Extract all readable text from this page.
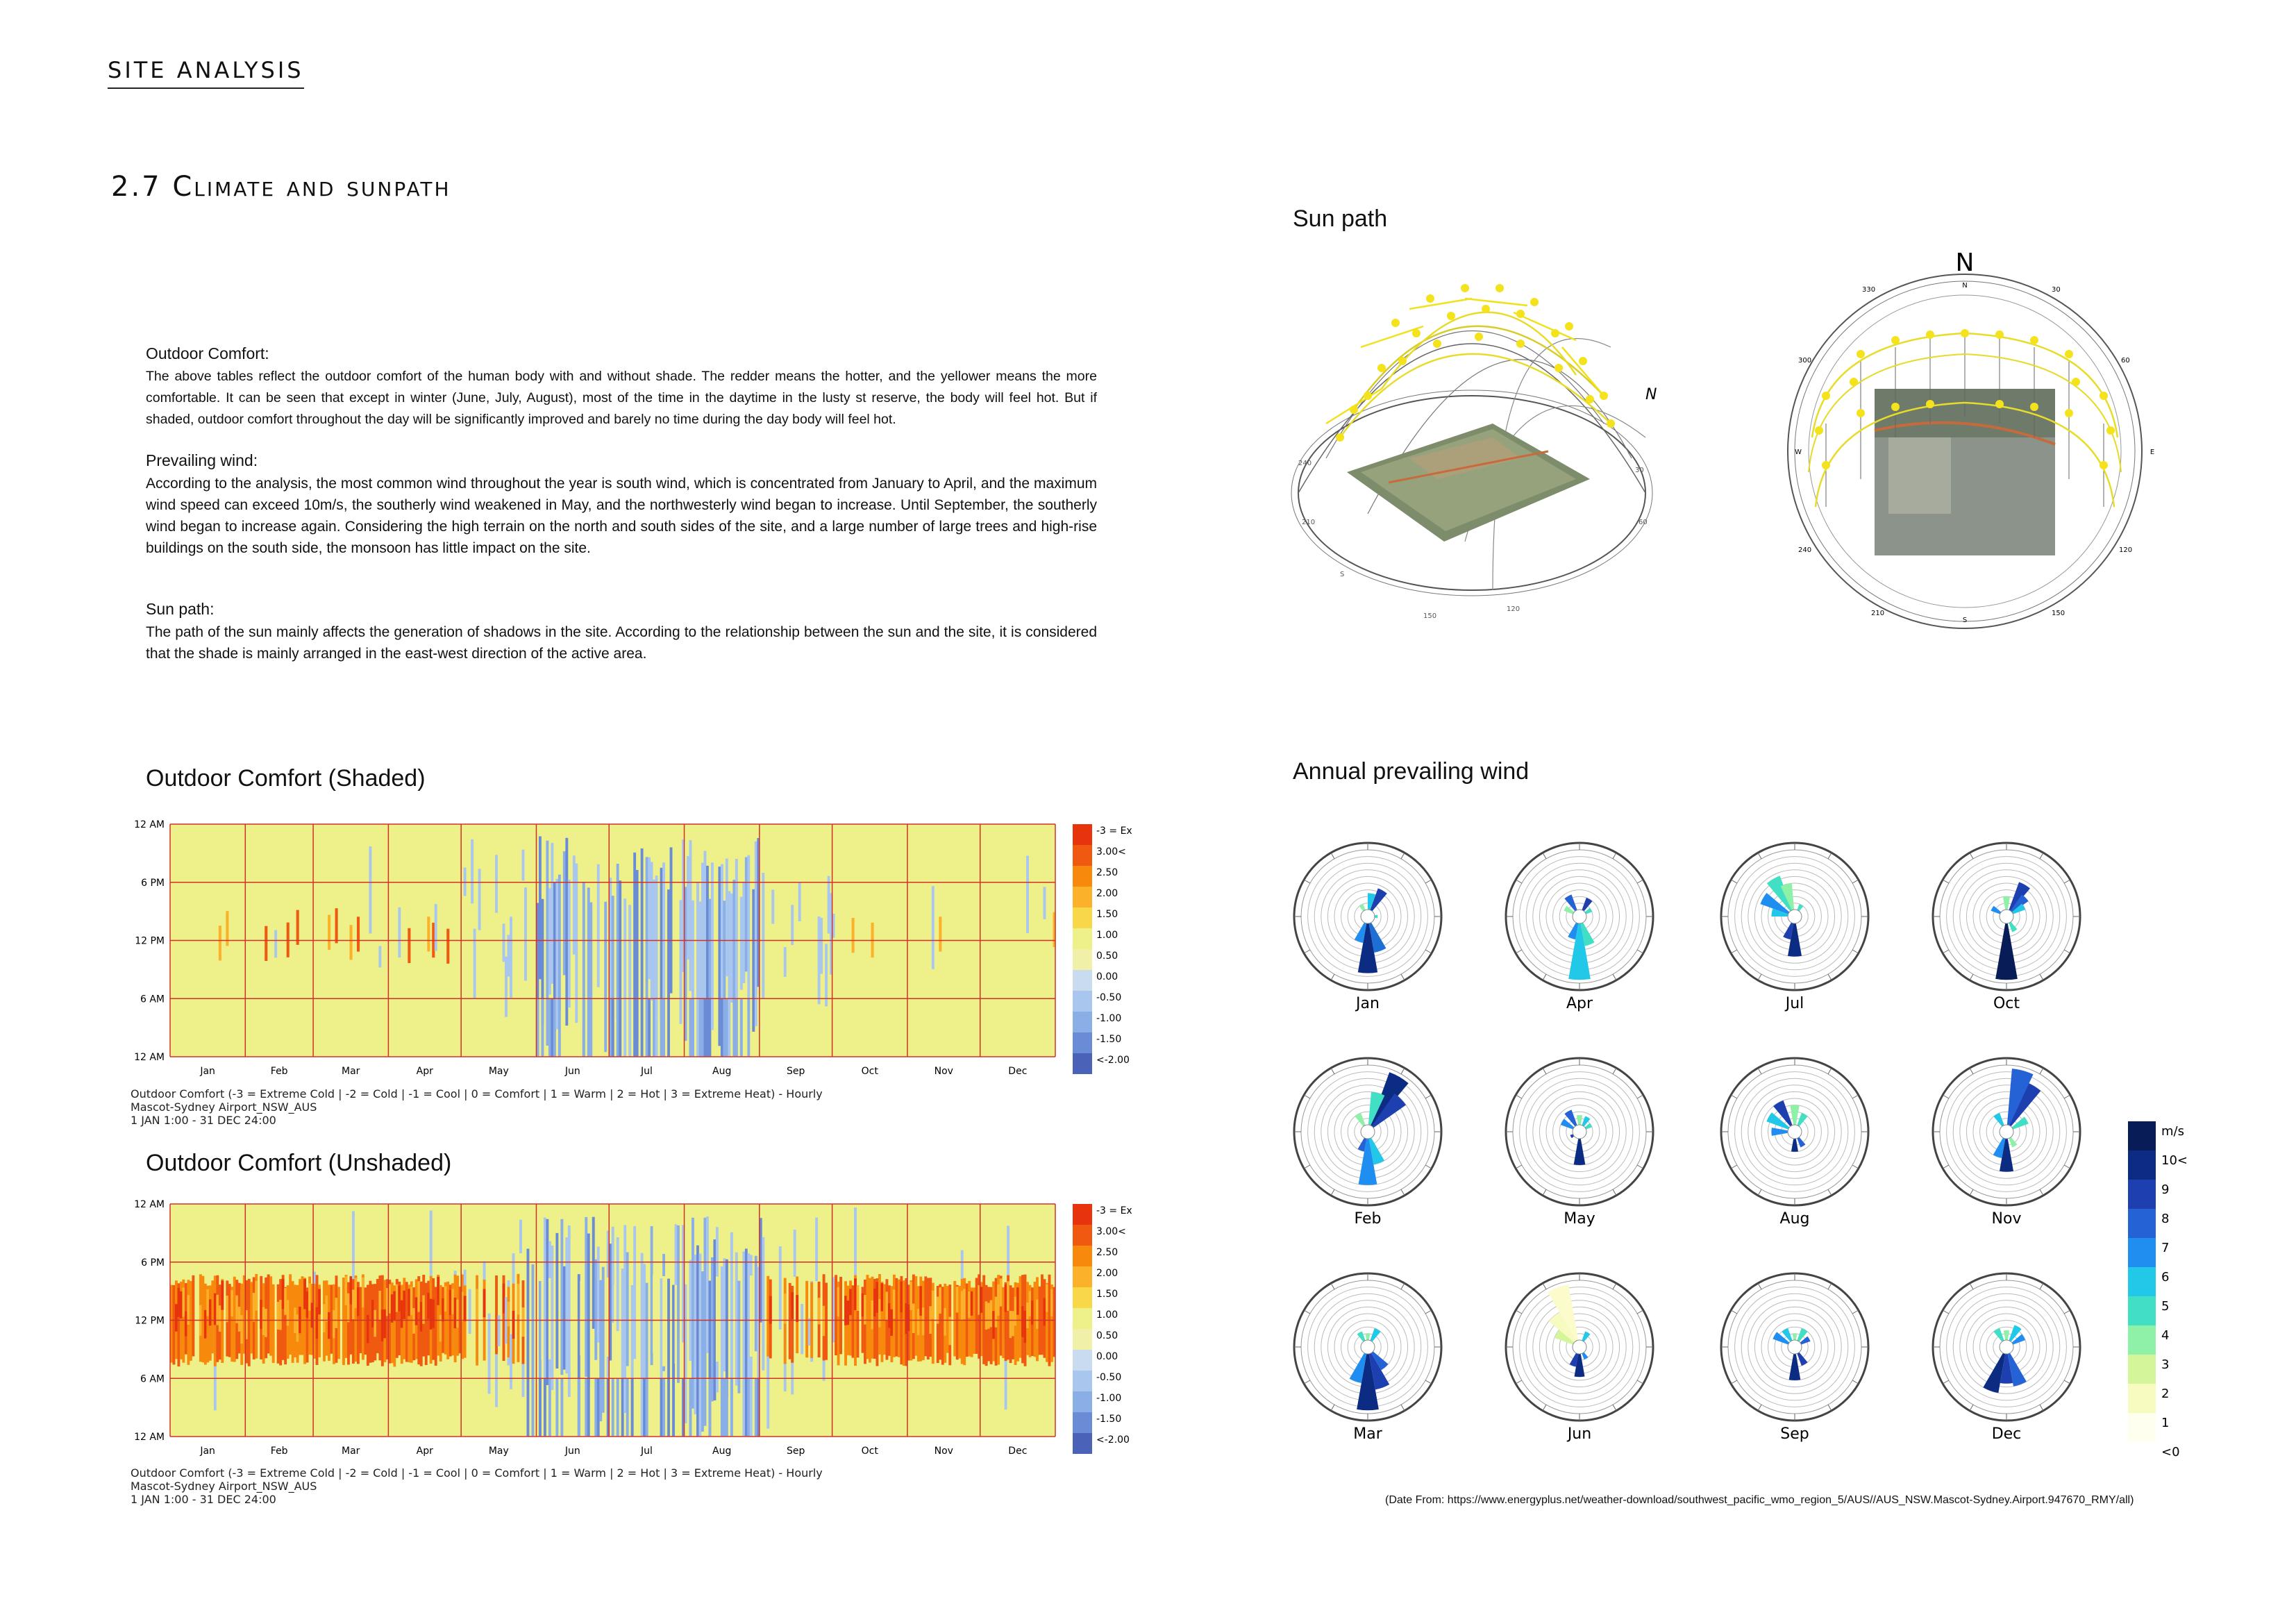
SITE ANALYSIS
2.7 Climate and sunpath

Outdoor Comfort:

The above tables reflect the outdoor comfort of the human body with and without shade. The redder means the hotter, and the yellower means the more comfortable. It can be seen that except in winter (June, July, August), most of the time in the daytime in the lusty st reserve, the body will feel hot. But if shaded, outdoor comfort throughout the day will be significantly improved and barely no time during the day body will feel hot.

Prevailing wind:

According to the analysis, the most common wind throughout the year is south wind, which is concentrated from January to April, and the maximum wind speed can exceed 10m/s, the southerly wind weakened in May, and the northwesterly wind began to increase. Until September, the southerly wind began to increase again. Considering the high terrain on the north and south sides of the site, and a large number of large trees and high-rise buildings on the south side, the monsoon has little impact on the site.

Sun path:

The path of the sun mainly affects the generation of shadows in the site. According to the relationship between the sun and the site, it is considered that the shade is mainly arranged in the east-west direction of the active area.

Sun path
N
240
210
150
120
S
60
30
N
N
S
W	E
30
60
120
150
210
240
300
330
Annual prevailing wind
Jan	Apr	Jul	Oct
Feb	May	Aug	Nov
Mar	Jun	Sep	Dec
m/s
10<
9
8
7
6
5
4
3
2
1
<0
Outdoor Comfort (Shaded)
12 AM
6 PM
12 PM
6 AM
12 AM
Jan	Feb	Mar	Apr	May	Jun	Jul	Aug	Sep	Oct	Nov	Dec
-3 = Ex
3.00<
2.50
2.00
1.50
1.00
0.50
0.00
-0.50
-1.00
-1.50
<-2.00
Outdoor Comfort (-3 = Extreme Cold | -2 = Cold | -1 = Cool | 0 = Comfort | 1 = Warm | 2 = Hot | 3 = Extreme Heat) - Hourly
Mascot-Sydney Airport_NSW_AUS
1 JAN 1:00 - 31 DEC 24:00
Outdoor Comfort (Unshaded)
12 AM
6 PM
12 PM
6 AM
12 AM
Jan	Feb	Mar	Apr	May	Jun	Jul	Aug	Sep	Oct	Nov	Dec
-3 = Ex
3.00<
2.50
2.00
1.50
1.00
0.50
0.00
-0.50
-1.00
-1.50
<-2.00
Outdoor Comfort (-3 = Extreme Cold | -2 = Cold | -1 = Cool | 0 = Comfort | 1 = Warm | 2 = Hot | 3 = Extreme Heat) - Hourly
Mascot-Sydney Airport_NSW_AUS
1 JAN 1:00 - 31 DEC 24:00	(Date From: https://www.energyplus.net/weather-download/southwest_pacific_wmo_region_5/AUS//AUS_NSW.Mascot-Sydney.Airport.947670_RMY/all)
